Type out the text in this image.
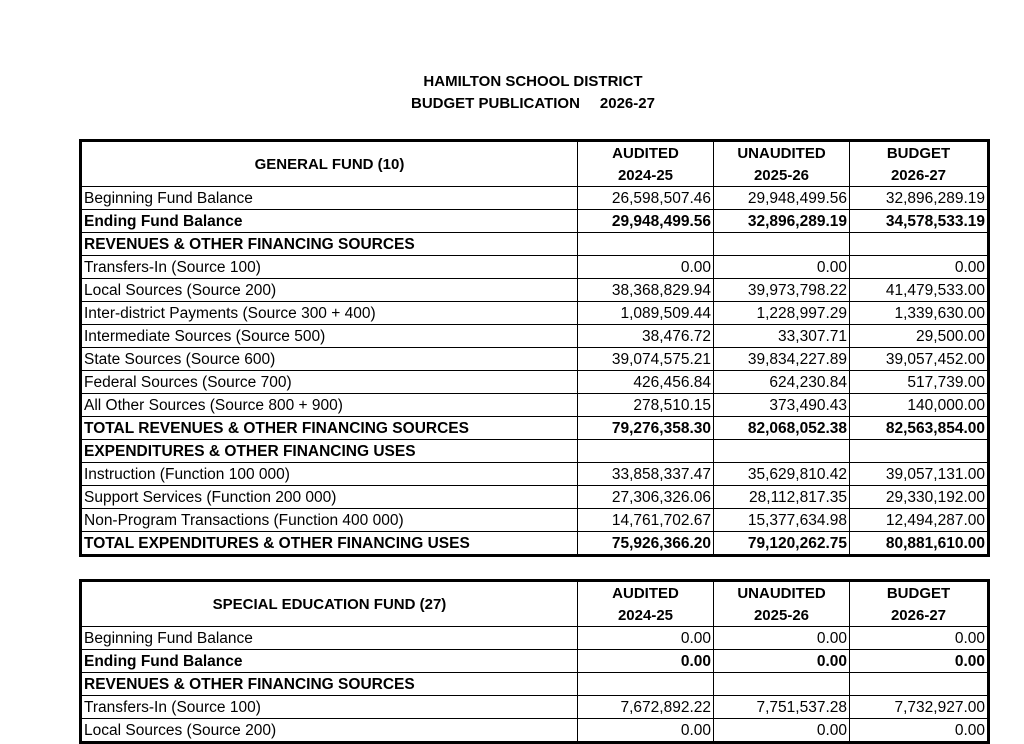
HAMILTON SCHOOL DISTRICT
BUDGET PUBLICATION 2026-27
GENERAL FUND (10)	AUDITED	UNAUDITED	BUDGET
	2024-25	2025-26	2026-27
Beginning Fund Balance	26,598,507.46	29,948,499.56	32,896,289.19
Ending Fund Balance	29,948,499.56	32,896,289.19	34,578,533.19
REVENUES & OTHER FINANCING SOURCES			
Transfers-In (Source 100)	0.00	0.00	0.00
Local Sources (Source 200)	38,368,829.94	39,973,798.22	41,479,533.00
Inter-district Payments (Source 300 + 400)	1,089,509.44	1,228,997.29	1,339,630.00
Intermediate Sources (Source 500)	38,476.72	33,307.71	29,500.00
State Sources (Source 600)	39,074,575.21	39,834,227.89	39,057,452.00
Federal Sources (Source 700)	426,456.84	624,230.84	517,739.00
All Other Sources (Source 800 + 900)	278,510.15	373,490.43	140,000.00
TOTAL REVENUES & OTHER FINANCING SOURCES	79,276,358.30	82,068,052.38	82,563,854.00
EXPENDITURES & OTHER FINANCING USES			
Instruction (Function 100 000)	33,858,337.47	35,629,810.42	39,057,131.00
Support Services (Function 200 000)	27,306,326.06	28,112,817.35	29,330,192.00
Non-Program Transactions (Function 400 000)	14,761,702.67	15,377,634.98	12,494,287.00
TOTAL EXPENDITURES & OTHER FINANCING USES	75,926,366.20	79,120,262.75	80,881,610.00
SPECIAL EDUCATION FUND (27)	AUDITED	UNAUDITED	BUDGET
	2024-25	2025-26	2026-27
Beginning Fund Balance	0.00	0.00	0.00
Ending Fund Balance	0.00	0.00	0.00
REVENUES & OTHER FINANCING SOURCES			
Transfers-In (Source 100)	7,672,892.22	7,751,537.28	7,732,927.00
Local Sources (Source 200)	0.00	0.00	0.00
